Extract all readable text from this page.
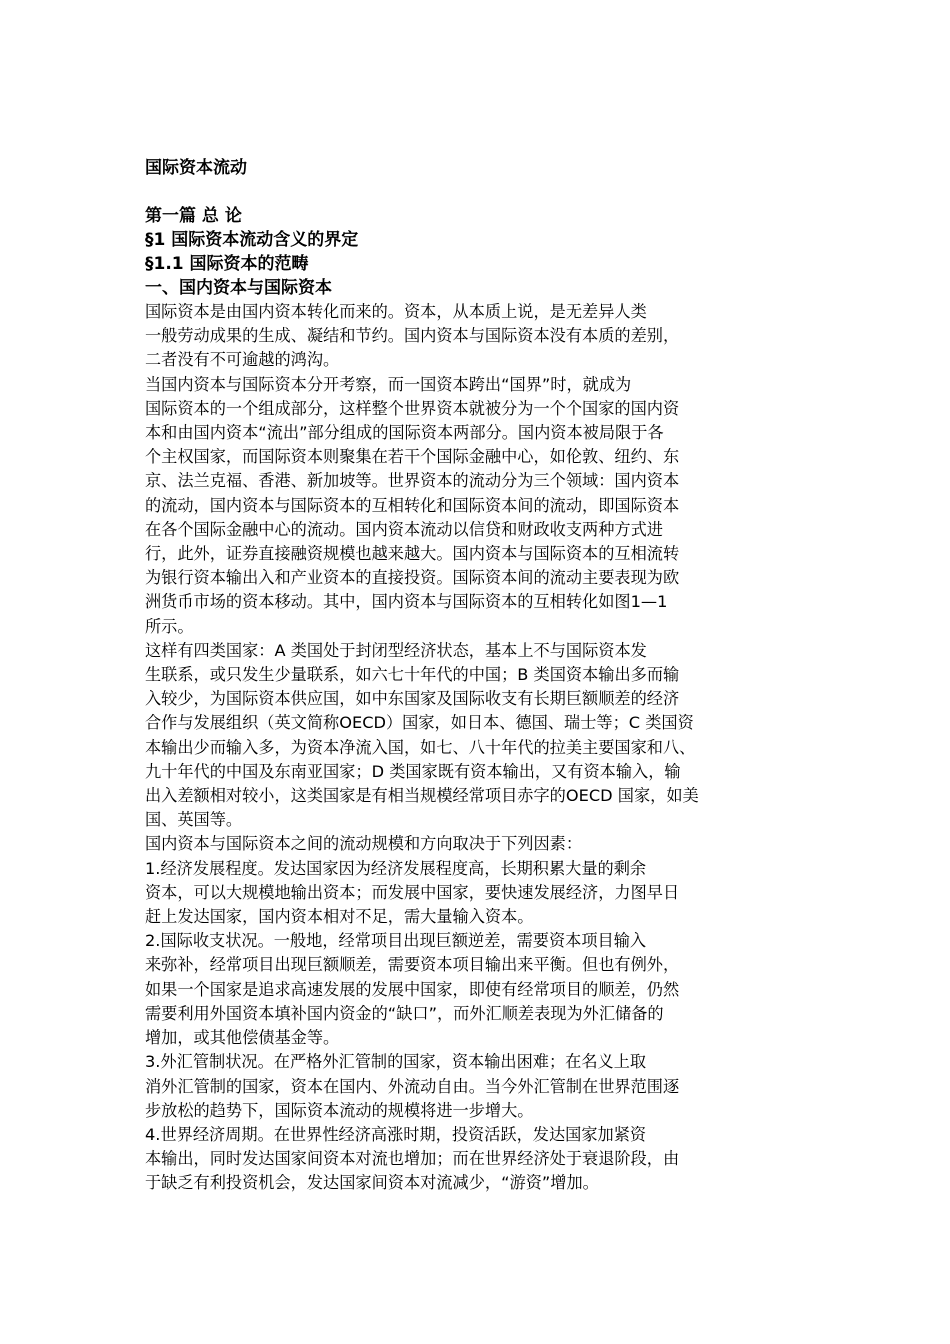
国际资本流动
第一篇 总 论
§1 国际资本流动含义的界定
§1.1 国际资本的范畴
一、国内资本与国际资本
国际资本是由国内资本转化而来的。资本，从本质上说，是无差异人类
一般劳动成果的生成、凝结和节约。国内资本与国际资本没有本质的差别，
二者没有不可逾越的鸿沟。
当国内资本与国际资本分开考察，而一国资本跨出“国界”时，就成为
国际资本的一个组成部分，这样整个世界资本就被分为一个个国家的国内资
本和由国内资本“流出”部分组成的国际资本两部分。国内资本被局限于各
个主权国家，而国际资本则聚集在若干个国际金融中心，如伦敦、纽约、东
京、法兰克福、香港、新加坡等。世界资本的流动分为三个领域：国内资本
的流动，国内资本与国际资本的互相转化和国际资本间的流动，即国际资本
在各个国际金融中心的流动。国内资本流动以信贷和财政收支两种方式进
行，此外，证券直接融资规模也越来越大。国内资本与国际资本的互相流转
为银行资本输出入和产业资本的直接投资。国际资本间的流动主要表现为欧
洲货币市场的资本移动。其中，国内资本与国际资本的互相转化如图1—1
所示。
这样有四类国家：A 类国处于封闭型经济状态，基本上不与国际资本发
生联系，或只发生少量联系，如六七十年代的中国；B 类国资本输出多而输
入较少，为国际资本供应国，如中东国家及国际收支有长期巨额顺差的经济
合作与发展组织（英文简称OECD）国家，如日本、德国、瑞士等；C 类国资
本输出少而输入多，为资本净流入国，如七、八十年代的拉美主要国家和八、
九十年代的中国及东南亚国家；D 类国家既有资本输出，又有资本输入，输
出入差额相对较小，这类国家是有相当规模经常项目赤字的OECD 国家，如美
国、英国等。
国内资本与国际资本之间的流动规模和方向取决于下列因素：
1.经济发展程度。发达国家因为经济发展程度高，长期积累大量的剩余
资本，可以大规模地输出资本；而发展中国家，要快速发展经济，力图早日
赶上发达国家，国内资本相对不足，需大量输入资本。
2.国际收支状况。一般地，经常项目出现巨额逆差，需要资本项目输入
来弥补，经常项目出现巨额顺差，需要资本项目输出来平衡。但也有例外，
如果一个国家是追求高速发展的发展中国家，即使有经常项目的顺差，仍然
需要利用外国资本填补国内资金的“缺口”，而外汇顺差表现为外汇储备的
增加，或其他偿债基金等。
3.外汇管制状况。在严格外汇管制的国家，资本输出困难；在名义上取
消外汇管制的国家，资本在国内、外流动自由。当今外汇管制在世界范围逐
步放松的趋势下，国际资本流动的规模将进一步增大。
4.世界经济周期。在世界性经济高涨时期，投资活跃，发达国家加紧资
本输出，同时发达国家间资本对流也增加；而在世界经济处于衰退阶段，由
于缺乏有利投资机会，发达国家间资本对流减少，“游资”增加。
